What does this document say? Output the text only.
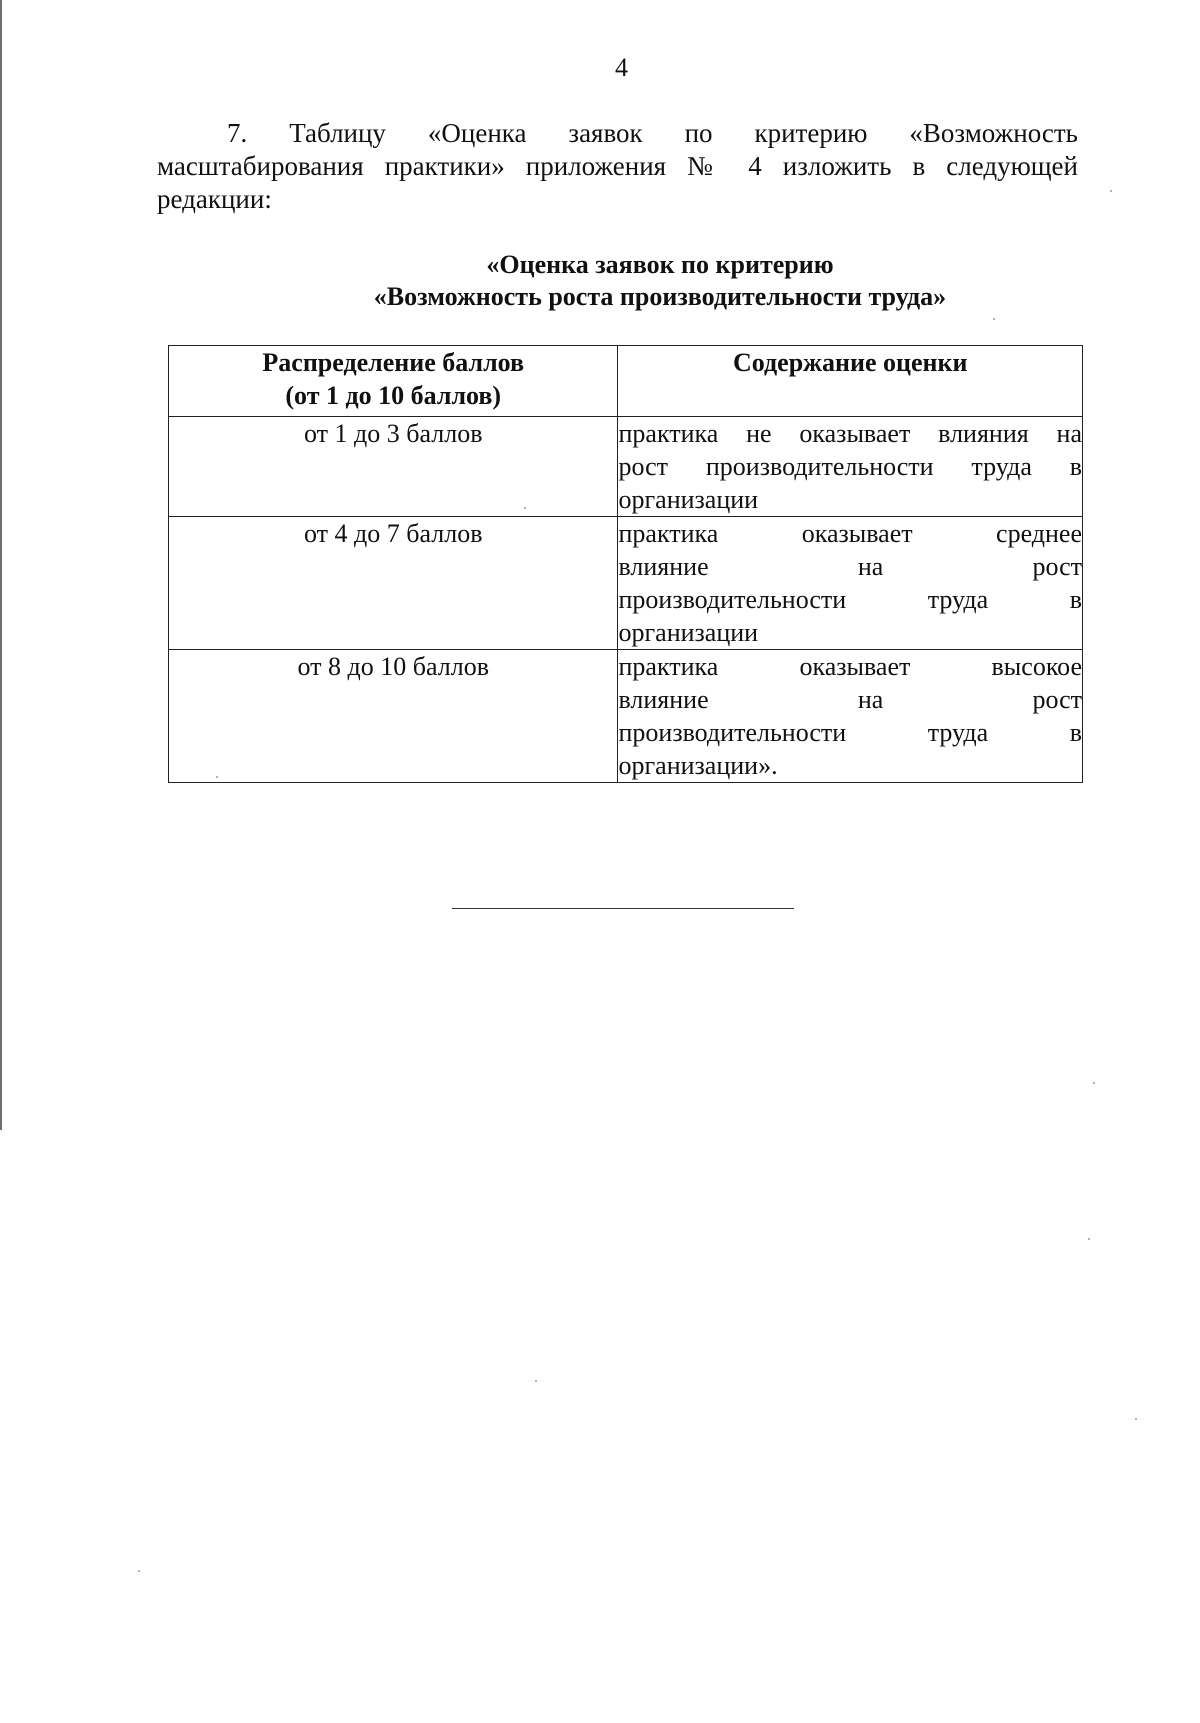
4
7. Таблицу «Оценка заявок по критерию «Возможность
масштабирования практики» приложения № 4 изложить в следующей
редакции:
«Оценка заявок по критерию
«Возможность роста производительности труда»
Распределение баллов
(от 1 до 10 баллов)	Содержание оценки

от 1 до 3 баллов	практика не оказывает влияния на
рост производительности труда в
организации

от 4 до 7 баллов	практика оказывает среднее
влияние на рост
производительности труда в
организации

от 8 до 10 баллов	практика оказывает высокое
влияние на рост
производительности труда в
организации».
